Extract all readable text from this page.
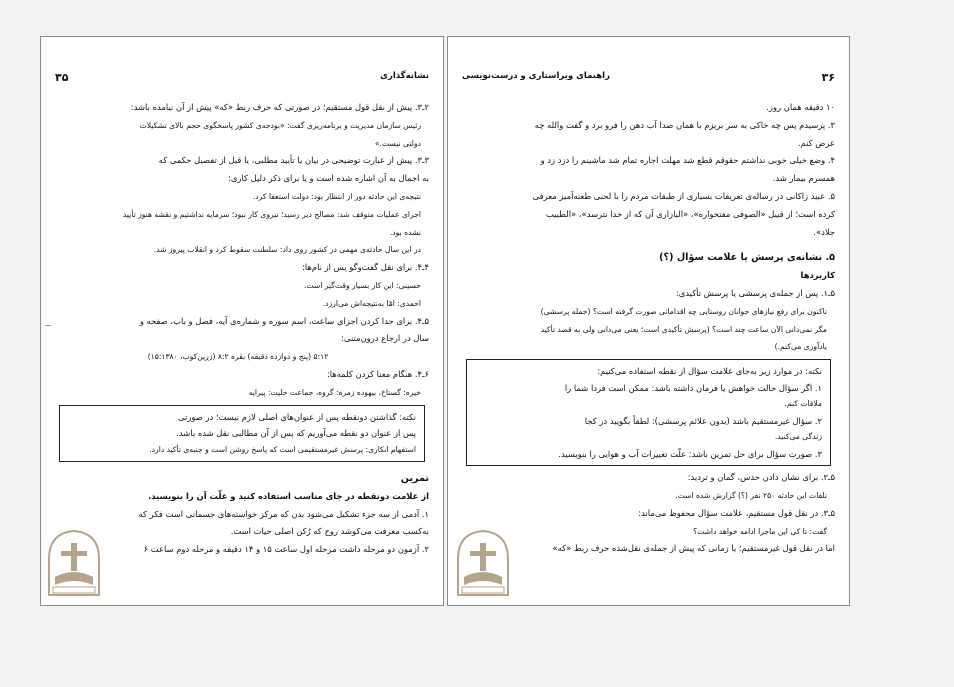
نشانه‌گذاری
۳۵

۲ـ۳. پیش از نقل قول مستقیم؛ در صورتی که حرف ربط «که» پیش از آن نیامده باشد:

رئیس سازمان مدیریت و برنامه‌ریزی گفت: «بودجه‌ی کشور پاسخگوی حجم بالای تشکیلات

دولتی نیست.»

۳ـ۳. پیش از عبارت توضیحی در بیان یا تأیید مطلبی، یا قبل از تفصیل حکمی که

به اجمال به آن اشاره شده است و یا برای ذکر دلیل کاری:

نتیجه‌ی این حادثه دور از انتظار بود: دولت استعفا کرد.

اجرای عملیات متوقف شد: مصالح دیر رسید؛ نیروی کار نبود؛ سرمایه نداشتیم و نقشه هنوز تأیید

نشده بود.

در این سال حادثه‌ی مهمی در کشور روی داد: سلطنت سقوط کرد و انقلاب پیروز شد.

۴ـ۴. برای نقل گفت‌وگو پس از نام‌ها:

حسینی: این کار بسیار وقت‌گیر است.

احمدی: امّا به‌نتیجه‌اش می‌ارزد.

۵ـ۴. برای جدا کردن اجزای ساعت، اسم سوره و شماره‌ی آیه، فصل و باب، صفحه و

سال در ارجاع درون‌متنی:

۵:۱۲ (پنج و دوازده دقیقه) بقره ۸:۲ (زرین‌کوب، ۱۵:۱۳۸۰)

۶ـ۴. هنگام معنا کردن کلمه‌ها:

خیره: گستاخ، بیهوده زمره: گروه، جماعت حلیت: پیرایه

نکته: گذاشتن دونقطه پس از عنوان‌های اصلی لازم نیست؛ در صورتی

پس از عنوان دو نقطه می‌آوریم که پس از آن مطالبی نقل شده باشد.

استفهام انکاری: پرسش غیرمستقیمی است که پاسخ روشن است و جنبه‌ی تأکید دارد.

تمرین

از علامت دونقطه در جای مناسب استفاده کنید و علّت آن را بنویسید.

۱. آدمی از سه جزء تشکیل می‌شود بدن که مرکز خواسته‌های جسمانی است فکر که

به‌کسب معرفت می‌کوشد روح که رُکن اصلی حیات است.

۲. آزمون دو مرحله داشت مرحله اول ساعت ۱۵ و ۱۴ دقیقه و مرحله دوم ساعت ۶

۳۶
راهنمای ویراستاری و درست‌نویسی

۱۰ دقیقه همان روز.

۳. پرسیدم پس چه خاکی به سر بریزم با همان صدا آب دهن را فرو برد و گفت والله چه

عرض کنم.

۴. وضع خیلی خوبی نداشتم حقوقم قطع شد مهلت اجاره تمام شد ماشینم را دزد زد و

همسرم بیمار شد.

۵. عبید زاکانی در رساله‌ی تعریفات بسیاری از طبقات مردم را با لحنی طعنه‌آمیز معرفی

کرده است؛ از قبیل «الصوفی مفتخواره»، «البازاری آن که از خدا نترسد»، «الطبیب

جلاد».

۵. نشانه‌ی پرسش یا علامت سؤال (؟)

کاربردها

۵ـ۱. پس از جمله‌ی پرسشی یا پرسش تأکیدی:

تاکنون برای رفع نیازهای جوانان روستایی چه اقداماتی صورت گرفته است؟ (جمله پرسشی)

مگر نمی‌دانی الآن ساعت چند است؟ (پرسش تأکیدی است؛ یعنی می‌دانی ولی به قصد تأکید

یادآوری می‌کنم.)

نکته: در موارد زیر به‌جای علامت سؤال از نقطه استفاده می‌کنیم:

۱. اگر سؤال حالت خواهش یا فرمان داشته باشد: ممکن است فردا شما را

ملاقات کنم.

۲. سؤال غیرمستقیم باشد (بدون علائم پرسشی): لطفاً بگویید در کجا

زندگی می‌کنید.

۳. صورت سؤال برای حل تمرین باشد: علّت تغییرات آب و هوایی را بنویسید.

۵ـ۲. برای نشان دادن حدس، گمان و تردید:

تلفات این حادثه ۲۵۰ نفر (؟) گزارش شده است.

۵ـ۳. در نقل قول مستقیم، علامت سؤال محفوظ می‌ماند:

گفت: تا کی این ماجرا ادامه خواهد داشت؟

اما در نقل قول غیرمستقیم؛ یا زمانی که پیش از جمله‌ی نقل‌شده حرف ربط «که»
